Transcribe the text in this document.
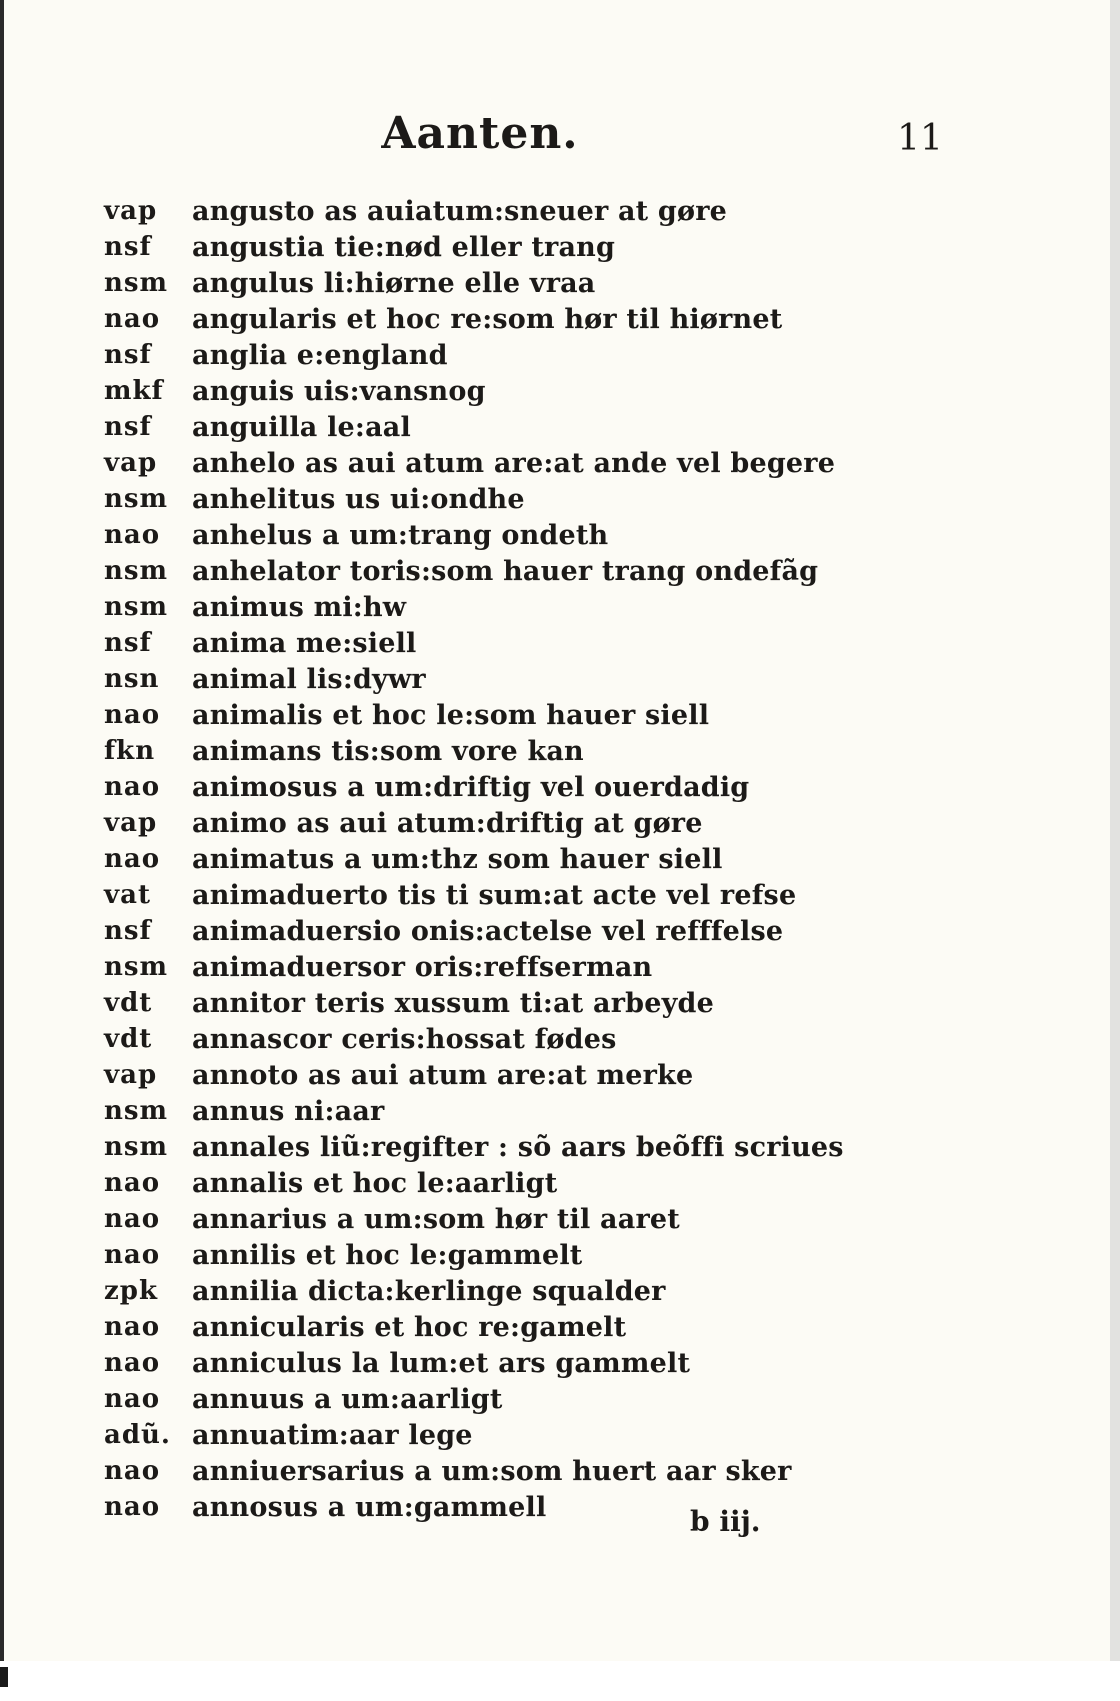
Aanten.	11
vap	angusto as auiatum:sneuer at gøre
nsf	angustia tie:nød eller trang
nsm angulus li:hiørne elle vraa
nao	angularis et hoc re:som hør til hiørnet
nsf	anglia e:england
mkf	anguis uis:vansnog
nsf	anguilla le:aal
vap	anhelo as aui atum are:at ande vel begere
nsm anhelitus us ui:ondhe
nao	anhelus a um:trang ondeth
nsm anhelator toris:som hauer trang ondefãg
nsm animus mi:hw
nsf	anima me:siell
nsn	animal lis:dywr
nao	animalis et hoc le:som hauer siell
fkn	animans tis:som vore kan
nao	animosus a um:driftig vel ouerdadig
vap	animo as aui atum:driftig at gøre
nao	animatus a um:thz som hauer siell
vat	animaduerto tis ti sum:at acte vel refse
nsf	animaduersio onis:actelse vel refffelse
nsm animaduersor oris:reffserman
vdt	annitor teris xussum ti:at arbeyde
vdt	annascor ceris:hossat fødes
vap	annoto as aui atum are:at merke
nsm annus ni:aar
nsm annales liũ:regifter : sõ aars beõffi scriues
nao	annalis et hoc le:aarligt
nao	annarius a um:som hør til aaret
nao	annilis et hoc le:gammelt
zpk	annilia dicta:kerlinge squalder
nao	annicularis et hoc re:gamelt
nao	anniculus la lum:et ars gammelt
nao	annuus a um:aarligt
adũ. annuatim:aar lege
nao	anniuersarius a um:som huert aar sker
nao	annosus a um:gammell	b iij.
